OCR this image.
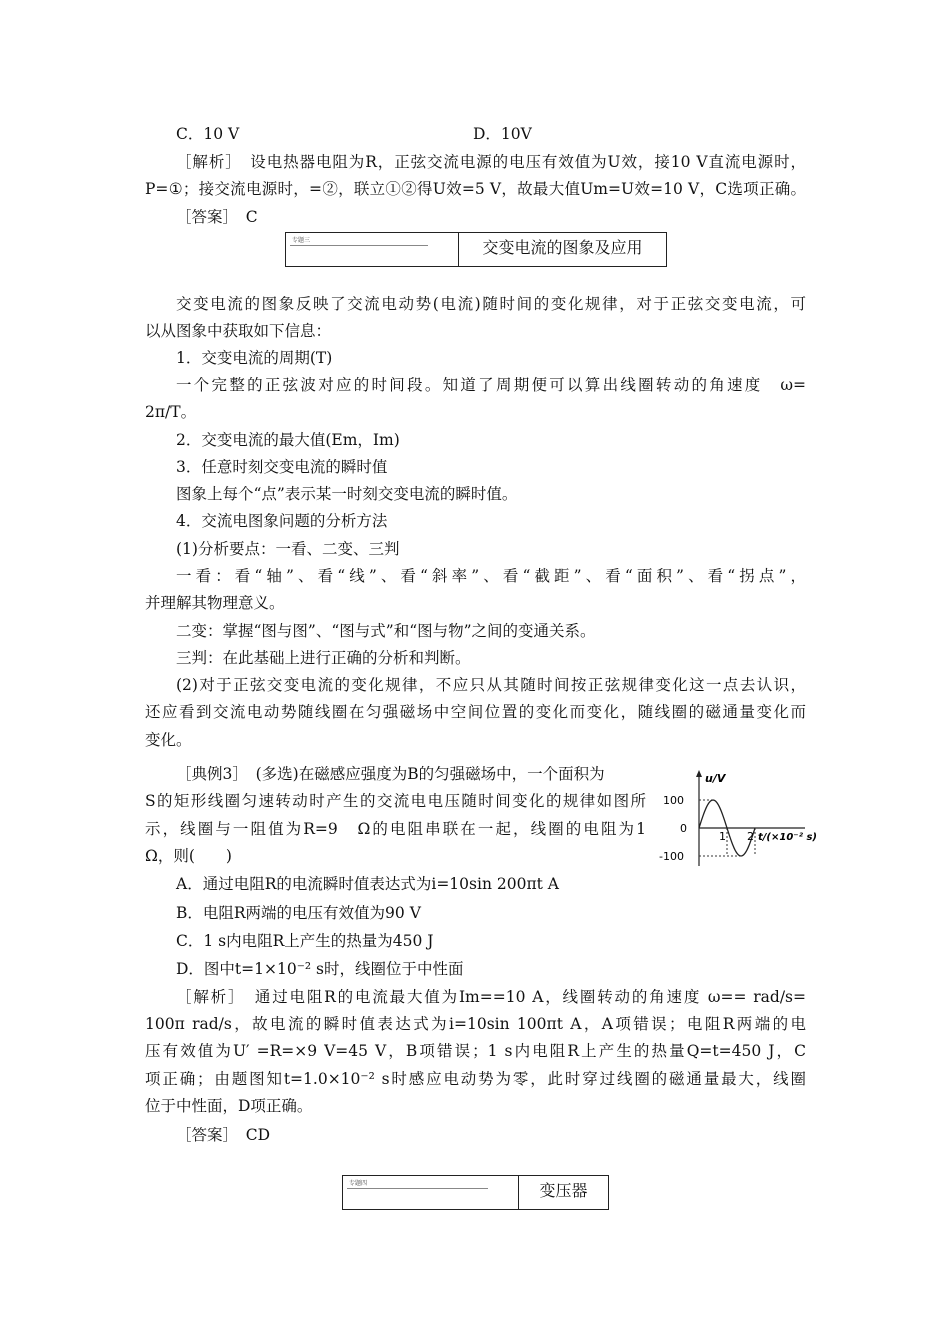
专题三	交变电流的图象及应用
专题四	变压器
u/V
100
0
-100
1 2 t/(×10⁻² s)
C．10 V	D．10V
［解析］　设电热器电阻为R，正弦交流电源的电压有效值为U效，接10 V直流电源时，
P=①；接交流电源时，=②，联立①②得U效=5 V，故最大值Um=U效=10 V，C选项正确。
［答案］　C
交变电流的图象反映了交流电动势(电流)随时间的变化规律，对于正弦交变电流，可
以从图象中获取如下信息：
1．交变电流的周期(T)
一个完整的正弦波对应的时间段。知道了周期便可以算出线圈转动的角速度　ω=
2π/T。
2．交变电流的最大值(Em，Im)
3．任意时刻交变电流的瞬时值
图象上每个“点”表示某一时刻交变电流的瞬时值。
4．交流电图象问题的分析方法
(1)分析要点：一看、二变、三判
一看：看“轴”、看“线”、看“斜率”、看“截距”、看“面积”、看“拐点”，
并理解其物理意义。
二变：掌握“图与图”、“图与式”和“图与物”之间的变通关系。
三判：在此基础上进行正确的分析和判断。
(2)对于正弦交变电流的变化规律，不应只从其随时间按正弦规律变化这一点去认识，
还应看到交流电动势随线圈在匀强磁场中空间位置的变化而变化，随线圈的磁通量变化而
变化。
［典例3］　(多选)在磁感应强度为B的匀强磁场中，一个面积为
S的矩形线圈匀速转动时产生的交流电电压随时间变化的规律如图所
示，线圈与一阻值为R=9　Ω的电阻串联在一起，线圈的电阻为1
Ω，则(　　)
A．通过电阻R的电流瞬时值表达式为i=10sin 200πt A
B．电阻R两端的电压有效值为90 V
C．1 s内电阻R上产生的热量为450 J
D．图中t=1×10⁻² s时，线圈位于中性面
［解析］　通过电阻R的电流最大值为Im==10 A，线圈转动的角速度 ω== rad/s=
100π rad/s，故电流的瞬时值表达式为i=10sin 100πt A，A项错误；电阻R两端的电
压有效值为U′ =R=×9 V=45 V，B项错误；1 s内电阻R上产生的热量Q=t=450 J，C
项正确；由题图知t=1.0×10⁻² s时感应电动势为零，此时穿过线圈的磁通量最大，线圈
位于中性面，D项正确。
［答案］　CD
